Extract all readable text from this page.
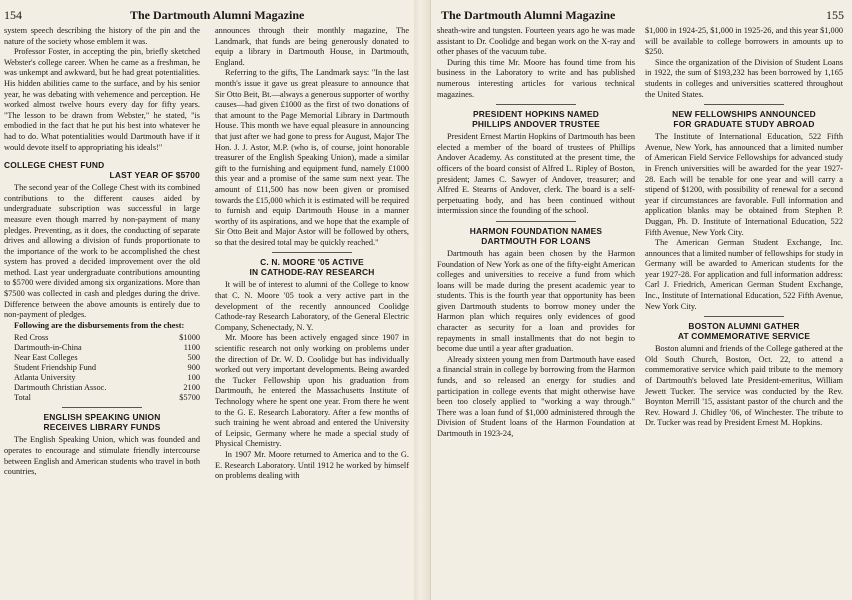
154	The Dartmouth Alumni Magazine

system speech describing the history of the pin and the nature of the society whose emblem it was.

Professor Foster, in accepting the pin, briefly sketched Webster's college career. When he came as a freshman, he was unkempt and awkward, but he had great potentialities. His hidden abilities came to the surface, and by his senior year, he was debating with vehemence and perception. He worked almost twelve hours every day for fifty years. "The lesson to be drawn from Webster," he stated, "is embodied in the fact that he put his best into whatever he had to do. What potentialities would Dartmouth have if it would devote itself to appropriating his ideals!"

COLLEGE CHEST FUND
LAST YEAR OF $5700

The second year of the College Chest with its combined contributions to the different causes aided by undergraduate subscription was successful in large measure even though marred by non-payment of many pledges. Preventing, as it does, the conducting of separate drives and allowing a division of funds proportionate to the importance of the work to be accomplished the chest system has proved a decided improvement over the old method. Last year undergraduate contributions amounting to $5700 were divided among six organizations. More than $7500 was collected in cash and pledges during the drive. Difference between the above amounts is entirely due to non-payment of pledges.

Following are the disbursements from the chest:

Red Cross	$1000
Dartmouth-in-China	1100
Near East Colleges	500
Student Friendship Fund	900
Atlanta University	100
Dartmouth Christian Assoc.	2100
Total	$5700
ENGLISH SPEAKING UNION
RECEIVES LIBRARY FUNDS

The English Speaking Union, which was founded and operates to encourage and stimulate friendly intercourse between English and American students who travel in both countries,

announces through their monthly magazine, The Landmark, that funds are being generously donated to equip a library in Dartmouth House, in Dartmouth, England.

Referring to the gifts, The Landmark says: "In the last month's issue it gave us great pleasure to announce that Sir Otto Beit, Bt.—always a generous supporter of worthy causes—had given £1000 as the first of two donations of that amount to the Page Memorial Library in Dartmouth House. This month we have equal pleasure in announcing that just after we had gone to press for August, Major The Hon. J. J. Astor, M.P. (who is, of course, joint honorable treasurer of the English Speaking Union), made a similar gift to the furnishing and equipment fund, namely £1000 this year and a promise of the same sum next year. The amount of £11,500 has now been given or promised towards the £15,000 which it is estimated will be required to furnish and equip Dartmouth House in a manner worthy of its aspirations, and we hope that the example of Sir Otto Beit and Major Astor will be followed by others, so that the desired total may be quickly reached."

C. N. MOORE '05 ACTIVE
IN CATHODE-RAY RESEARCH

It will be of interest to alumni of the College to know that C. N. Moore '05 took a very active part in the development of the recently announced Coolidge Cathode-ray Research Laboratory, of the General Electric Company, Schenectady, N. Y.

Mr. Moore has been actively engaged since 1907 in scientific research not only working on problems under the direction of Dr. W. D. Coolidge but has individually worked out very important developments. Being awarded the Tucker Fellowship upon his graduation from Dartmouth, he entered the Massachusetts Institute of Technology where he spent one year. From there he went to the G. E. Research Laboratory. After a few months of such training he went abroad and entered the University of Leipsic, Germany where he made a special study of Physical Chemistry.

In 1907 Mr. Moore returned to America and to the G. E. Research Laboratory. Until 1912 he worked by himself on problems dealing with

The Dartmouth Alumni Magazine	155

sheath-wire and tungsten. Fourteen years ago he was made assistant to Dr. Coolidge and began work on the X-ray and other phases of the vacuum tube.

During this time Mr. Moore has found time from his business in the Laboratory to write and has published numerous interesting articles for various technical magazines.

PRESIDENT HOPKINS NAMED
PHILLIPS ANDOVER TRUSTEE

President Ernest Martin Hopkins of Dartmouth has been elected a member of the board of trustees of Phillips Andover Academy. As constituted at the present time, the officers of the board consist of Alfred L. Ripley of Boston, president; James C. Sawyer of Andover, treasurer; and Alfred E. Stearns of Andover, clerk. The board is a self-perpetuating body, and has been continued without intermission since the founding of the school.

HARMON FOUNDATION NAMES
DARTMOUTH FOR LOANS

Dartmouth has again been chosen by the Harmon Foundation of New York as one of the fifty-eight American colleges and universities to receive a fund from which loans will be made during the present academic year to students. This is the fourth year that opportunity has been given Dartmouth students to borrow money under the Harmon plan which requires only evidences of good character as security for a loan and provides for repayments in small installments that do not begin to become due until a year after graduation.

Already sixteen young men from Dartmouth have eased a financial strain in college by borrowing from the Harmon funds, and so released an energy for studies and participation in college events that might otherwise have been too closely applied to "working a way through." There was a loan fund of $1,000 administered through the Division of Student loans of the Harmon Foundation at Dartmouth in 1923-24,

$1,000 in 1924-25, $1,000 in 1925-26, and this year $1,000 will be available to college borrowers in amounts up to $250.

Since the organization of the Division of Student Loans in 1922, the sum of $193,232 has been borrowed by 1,165 students in colleges and universities scattered throughout the United States.

NEW FELLOWSHIPS ANNOUNCED
FOR GRADUATE STUDY ABROAD

The Institute of International Education, 522 Fifth Avenue, New York, has announced that a limited number of American Field Service Fellowships for advanced study in French universities will be awarded for the year 1927-28. Each will be tenable for one year and will carry a stipend of $1200, with possibility of renewal for a second year if circumstances are favorable. Full information and application blanks may be obtained from Stephen P. Duggan, Ph. D. Institute of International Education, 522 Fifth Avenue, New York City.

The American German Student Exchange, Inc. announces that a limited number of fellowships for study in Germany will be awarded to American students for the year 1927-28. For application and full information address: Carl J. Friedrich, American German Student Exchange, Inc., Institute of International Education, 522 Fifth Avenue, New York City.

BOSTON ALUMNI GATHER
AT COMMEMORATIVE SERVICE

Boston alumni and friends of the College gathered at the Old South Church, Boston, Oct. 22, to attend a commemorative service which paid tribute to the memory of Dartmouth's beloved late President-emeritus, William Jewett Tucker. The service was conducted by the Rev. Boynton Merrill '15, assistant pastor of the church and the Rev. Howard J. Chidley '06, of Winchester. The tribute to Dr. Tucker was read by President Ernest M. Hopkins.
